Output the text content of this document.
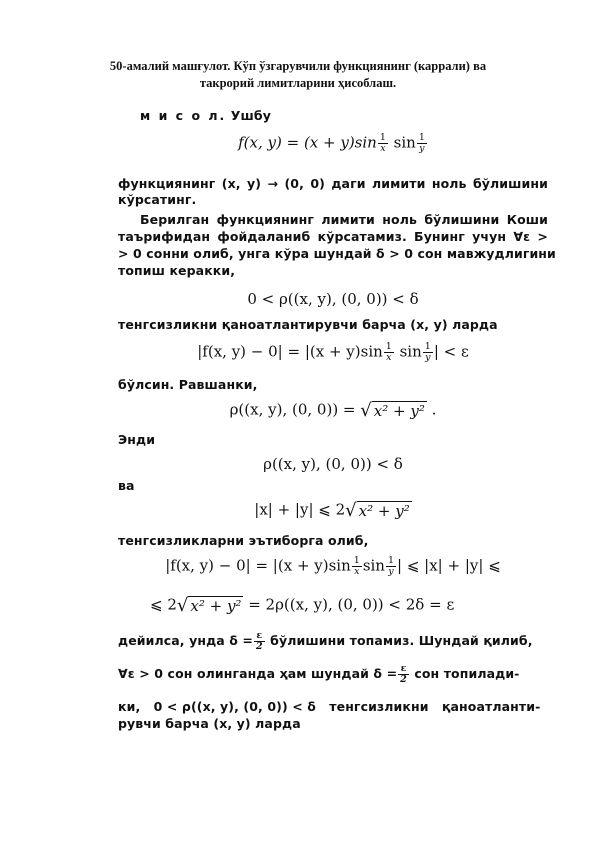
50-амалий машғулот. Кўп ўзгарувчили функциянинг (каррали) ва
такрорий лимитларини ҳисоблаш.
м и с о л. Ушбу
f(x, $y) = (x + y)\sin \frac{1}{x}$ $\sin \frac{1}{y}$
функциянинг (x, y) → (0, 0) даги лимити ноль бўлишини
кўрсатинг.
Берилган функциянинг лимити ноль бўлишини Коши
таърифидан фойдаланиб кўрсатамиз. Бунинг учун ∀ε >
> 0 сонни олиб, унга кўра шундай δ > 0 сон мавжудлигини
топиш керакки,
0 < ρ((x, y), (0, 0)) < δ
тенгсизликни қаноатлантирувчи барча (x, y) ларда
|f(x, $y) - 0| = |(x + y)\sin \frac{1}{x}$ $\sin \frac{1}{y}$ | < ε
бўлсин. Равшанки,
ρ((x, y), (0, 0)) = √ x² + y² .
Энди
ρ((x, y), (0, 0)) < δ
ва
|x| + |y| ⩽ 2√ x² + y²
тенгсизликларни эътиборга олиб,
|f(x, $y) - 0| = |(x + y)\sin \frac{1}{x}$ $\sin \frac{1}{y}$ | ⩽ |x| + |y| ⩽
⩽ 2√ x² + y² = 2ρ((x, y), (0, 0)) < 2δ = ε
дейилса, унда $\delta = \frac{\varepsilon}{2}$ бўлишини топамиз. Шундай қилиб,
∀ε > 0 сон олинганда ҳам шундай $\delta = \frac{\varepsilon}{2}$ сон топилади-
ки,   0 < ρ((x, y), (0, 0)) < δ   тенгсизликни   қаноатланти-
рувчи барча (x, y) ларда
